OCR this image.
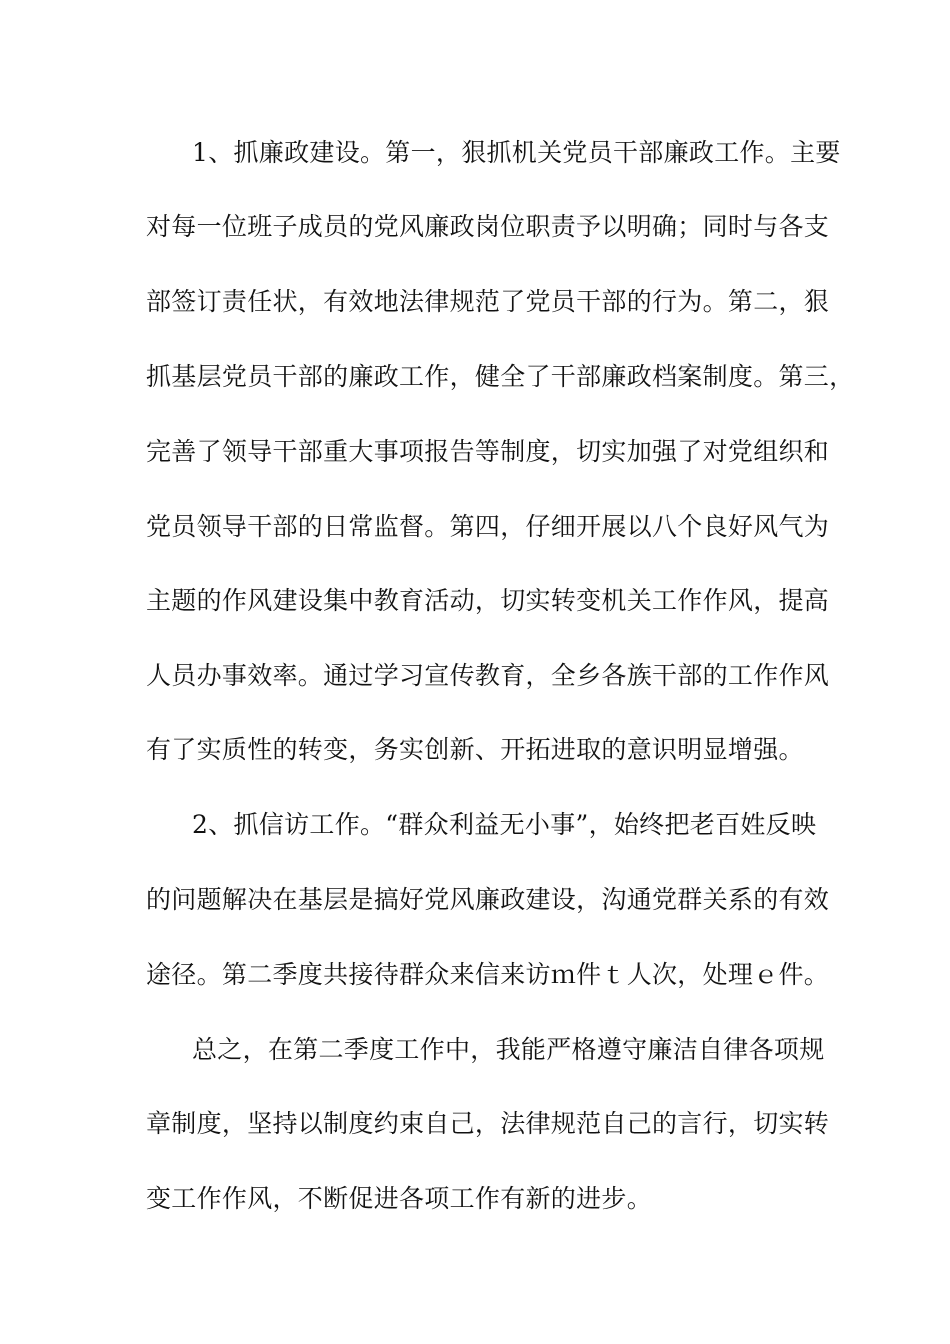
1、抓廉政建设。第一，狠抓机关党员干部廉政工作。主要
对每一位班子成员的党风廉政岗位职责予以明确；同时与各支
部签订责任状，有效地法律规范了党员干部的行为。第二，狠
抓基层党员干部的廉政工作，健全了干部廉政档案制度。第三，
完善了领导干部重大事项报告等制度，切实加强了对党组织和
党员领导干部的日常监督。第四，仔细开展以八个良好风气为
主题的作风建设集中教育活动，切实转变机关工作作风，提高
人员办事效率。通过学习宣传教育，全乡各族干部的工作作风
有了实质性的转变，务实创新、开拓进取的意识明显增强。
2、抓信访工作。“群众利益无小事”，始终把老百姓反映
的问题解决在基层是搞好党风廉政建设，沟通党群关系的有效
途径。第二季度共接待群众来信来访ｍ件ｔ人次，处理ｅ件。
总之，在第二季度工作中，我能严格遵守廉洁自律各项规
章制度，坚持以制度约束自己，法律规范自己的言行，切实转
变工作作风，不断促进各项工作有新的进步。
